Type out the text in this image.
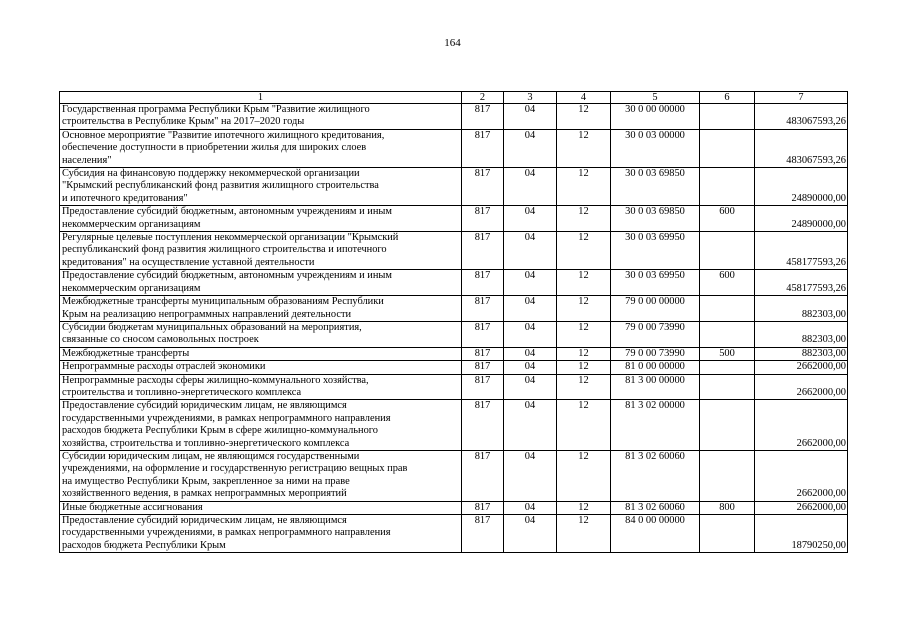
164
1	2	3	4	5	6	7

Государственная программа Республики Крым "Развитие жилищного
строительства в Республике Крым" на 2017–2020 годы	817	04	12	30 0 00 00000		483067593,26

Основное мероприятие "Развитие ипотечного жилищного кредитования,
обеспечение доступности в приобретении жилья для широких слоев
населения"	817	04	12	30 0 03 00000		483067593,26

Субсидия на финансовую поддержку некоммерческой организации
"Крымский республиканский фонд развития жилищного строительства
и ипотечного кредитования"	817	04	12	30 0 03 69850		24890000,00

Предоставление субсидий бюджетным, автономным учреждениям и иным
некоммерческим организациям	817	04	12	30 0 03 69850	600	24890000,00

Регулярные целевые поступления некоммерческой организации "Крымский
республиканский фонд развития жилищного строительства и ипотечного
кредитования" на осуществление уставной деятельности	817	04	12	30 0 03 69950		458177593,26

Предоставление субсидий бюджетным, автономным учреждениям и иным
некоммерческим организациям	817	04	12	30 0 03 69950	600	458177593,26

Межбюджетные трансферты муниципальным образованиям Республики
Крым на реализацию непрограммных направлений деятельности	817	04	12	79 0 00 00000		882303,00

Субсидии бюджетам муниципальных образований на мероприятия,
связанные со сносом самовольных построек	817	04	12	79 0 00 73990		882303,00

Межбюджетные трансферты	817	04	12	79 0 00 73990	500	882303,00

Непрограммные расходы отраслей экономики	817	04	12	81 0 00 00000		2662000,00

Непрограммные расходы сферы жилищно-коммунального хозяйства,
строительства и топливно-энергетического комплекса	817	04	12	81 3 00 00000		2662000,00

Предоставление субсидий юридическим лицам, не являющимся
государственными учреждениями, в рамках непрограммного направления
расходов бюджета Республики Крым в сфере жилищно-коммунального
хозяйства, строительства и топливно-энергетического комплекса	817	04	12	81 3 02 00000		2662000,00

Субсидии юридическим лицам, не являющимся государственными
учреждениями, на оформление и государственную регистрацию вещных прав
на имущество Республики Крым, закрепленное за ними на праве
хозяйственного ведения, в рамках непрограммных мероприятий	817	04	12	81 3 02 60060		2662000,00

Иные бюджетные ассигнования	817	04	12	81 3 02 60060	800	2662000,00

Предоставление субсидий юридическим лицам, не являющимся
государственными учреждениями, в рамках непрограммного направления
расходов бюджета Республики Крым	817	04	12	84 0 00 00000		18790250,00
